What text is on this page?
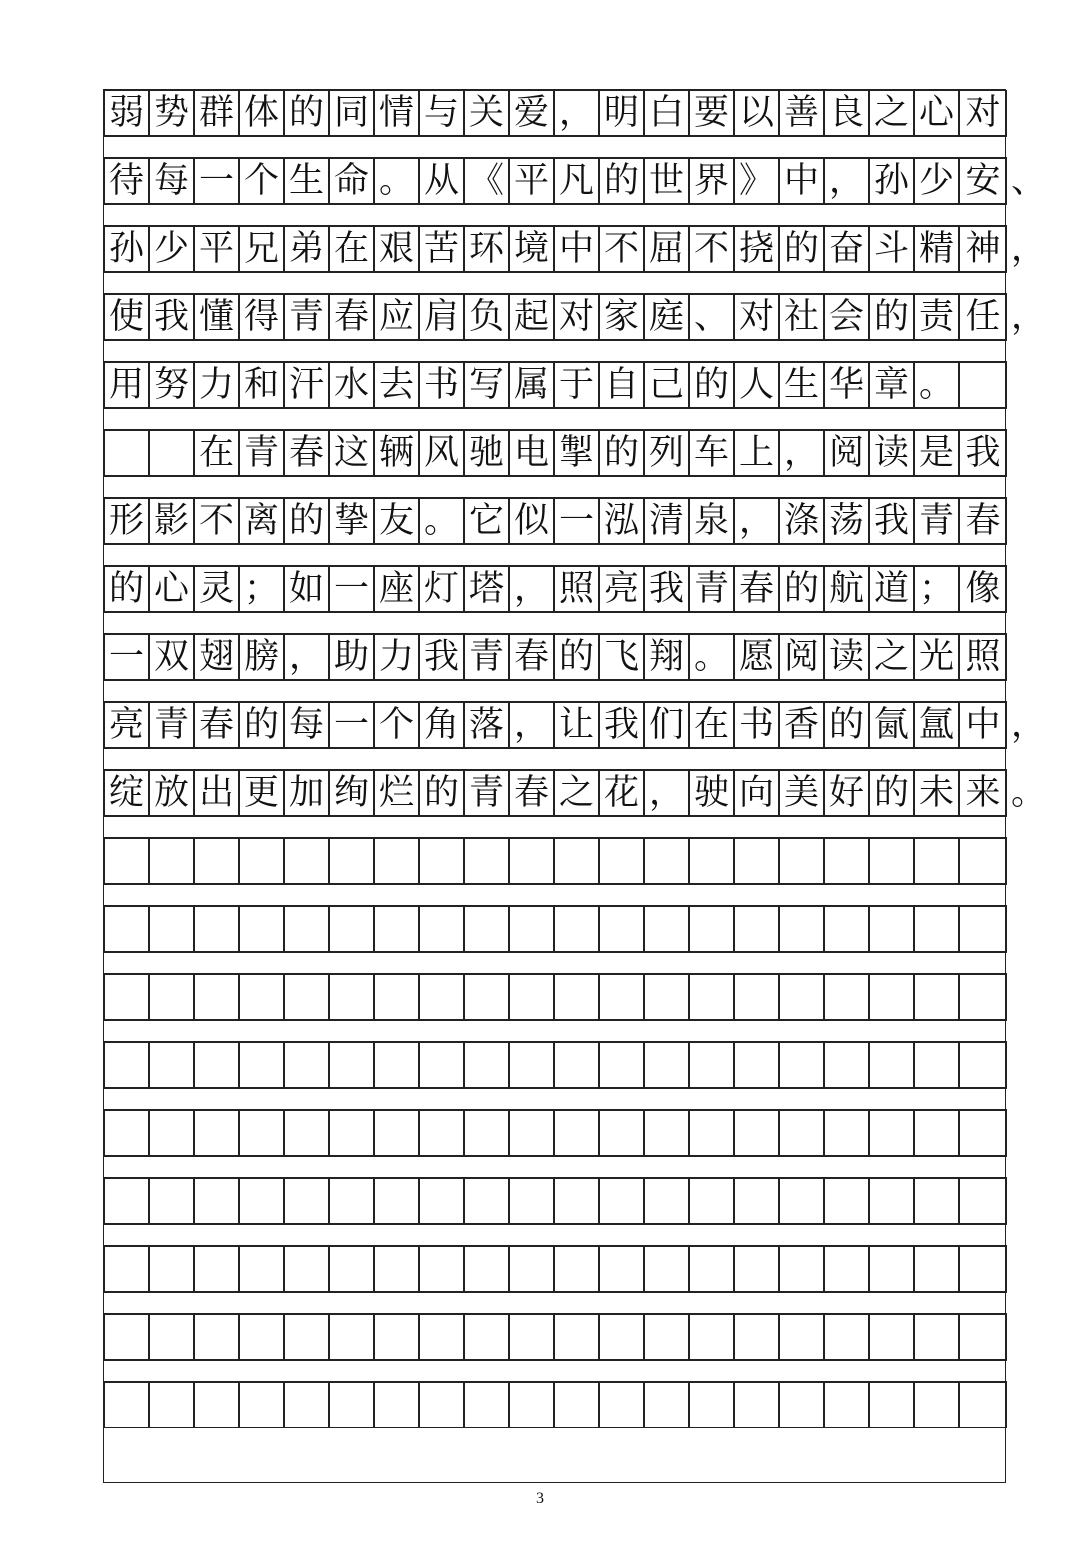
弱 势 群 体 的 同 情 与 关 爱 ， 明 白 要 以 善 良 之 心 对
待 每 一 个 生 命 。 从 《 平 凡 的 世 界 》 中 ， 孙 少 安 、
孙 少 平 兄 弟 在 艰 苦 环 境 中 不 屈 不 挠 的 奋 斗 精 神 ，
使 我 懂 得 青 春 应 肩 负 起 对 家 庭 、 对 社 会 的 责 任 ，
用 努 力 和 汗 水 去 书 写 属 于 自 己 的 人 生 华 章 。
在 青 春 这 辆 风 驰 电 掣 的 列 车 上 ， 阅 读 是 我
形 影 不 离 的 挚 友 。 它 似 一 泓 清 泉 ， 涤 荡 我 青 春
的 心 灵 ； 如 一 座 灯 塔 ， 照 亮 我 青 春 的 航 道 ； 像
一 双 翅 膀 ， 助 力 我 青 春 的 飞 翔 。 愿 阅 读 之 光 照
亮 青 春 的 每 一 个 角 落 ， 让 我 们 在 书 香 的 氤 氲 中 ，
绽 放 出 更 加 绚 烂 的 青 春 之 花 ， 驶 向 美 好 的 未 来 。
3
